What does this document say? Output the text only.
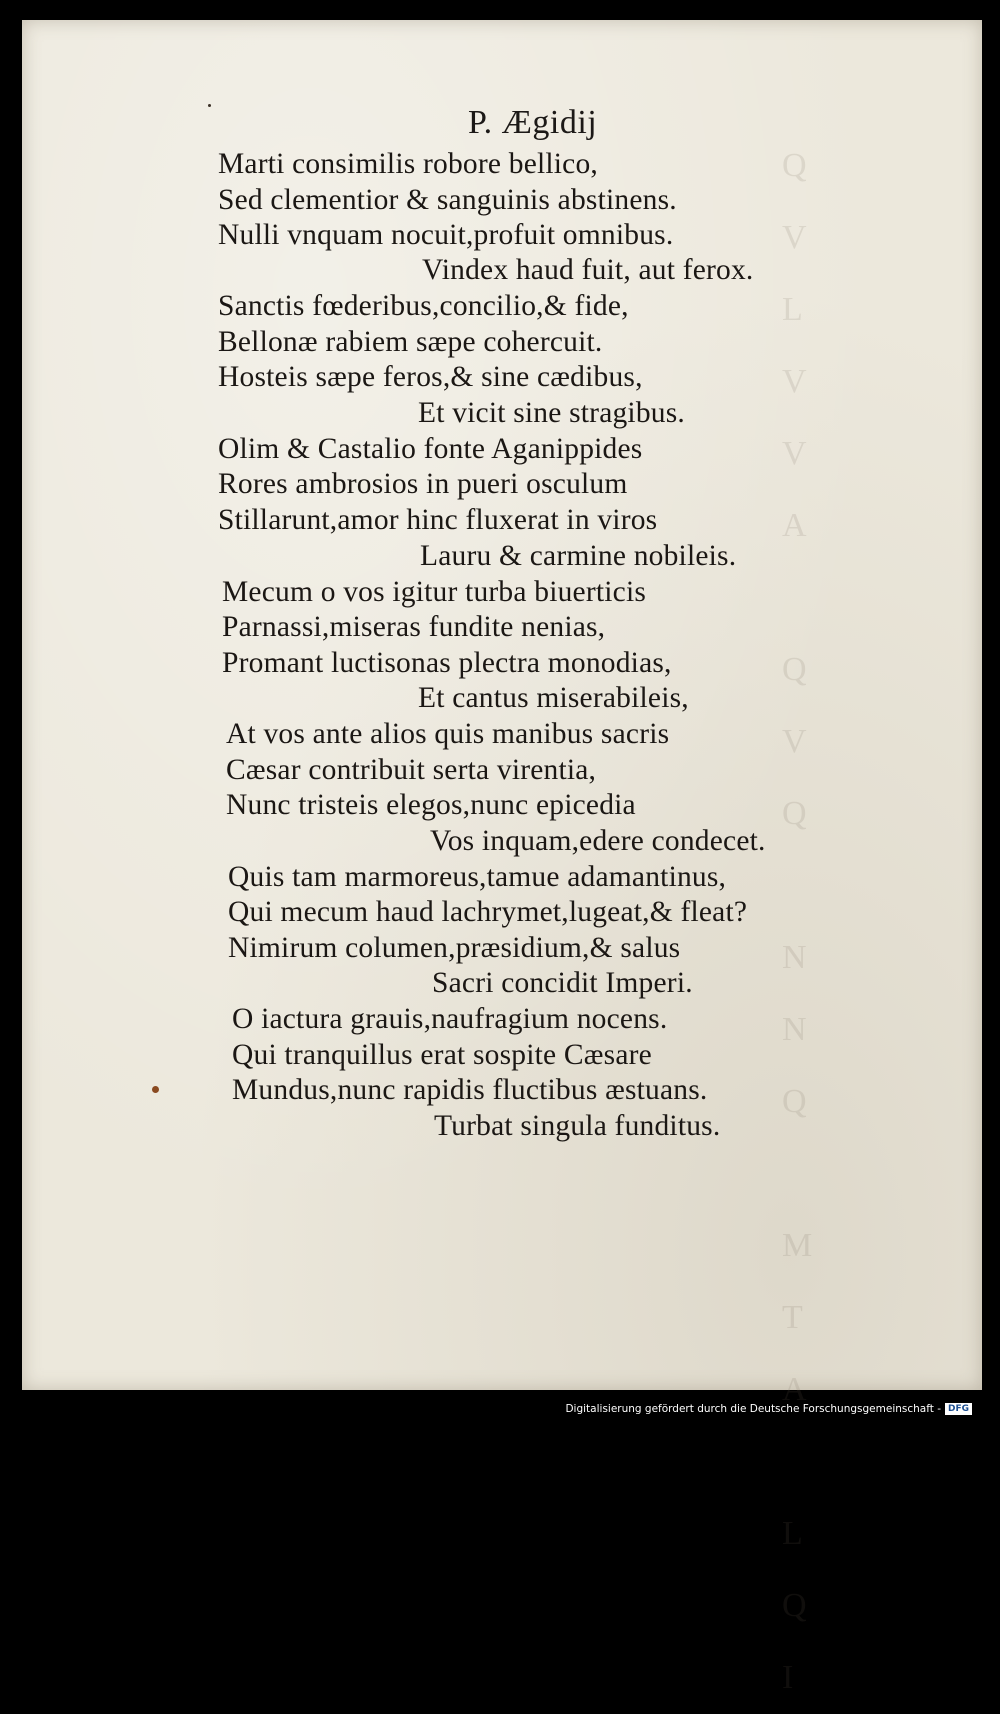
Q
V
L
V
V
A

Q
V
Q

N
N
Q

M
T
A

L
Q
I
P. Ægidij
Marti consimilis robore bellico,
Sed clementior & sanguinis abstinens.
Nulli vnquam nocuit,profuit omnibus.
Vindex haud fuit, aut ferox.
Sanctis fœderibus,concilio,& fide,
Bellonæ rabiem sæpe cohercuit.
Hosteis sæpe feros,& sine cædibus,
Et vicit sine stragibus.
Olim & Castalio fonte Aganippides
Rores ambrosios in pueri osculum
Stillarunt,amor hinc fluxerat in viros
Lauru & carmine nobileis.
Mecum o vos igitur turba biuerticis
Parnassi,miseras fundite nenias,
Promant luctisonas plectra monodias,
Et cantus miserabileis,
At vos ante alios quis manibus sacris
Cæsar contribuit serta virentia,
Nunc tristeis elegos,nunc epicedia
Vos inquam,edere condecet.
Quis tam marmoreus,tamue adamantinus,
Qui mecum haud lachrymet,lugeat,& fleat?
Nimirum columen,præsidium,& salus
Sacri concidit Imperi.
O iactura grauis,naufragium nocens.
Qui tranquillus erat sospite Cæsare
Mundus,nunc rapidis fluctibus æstuans.
Turbat singula funditus.
Digitalisierung gefördert durch die Deutsche Forschungsgemeinschaft - DFG
